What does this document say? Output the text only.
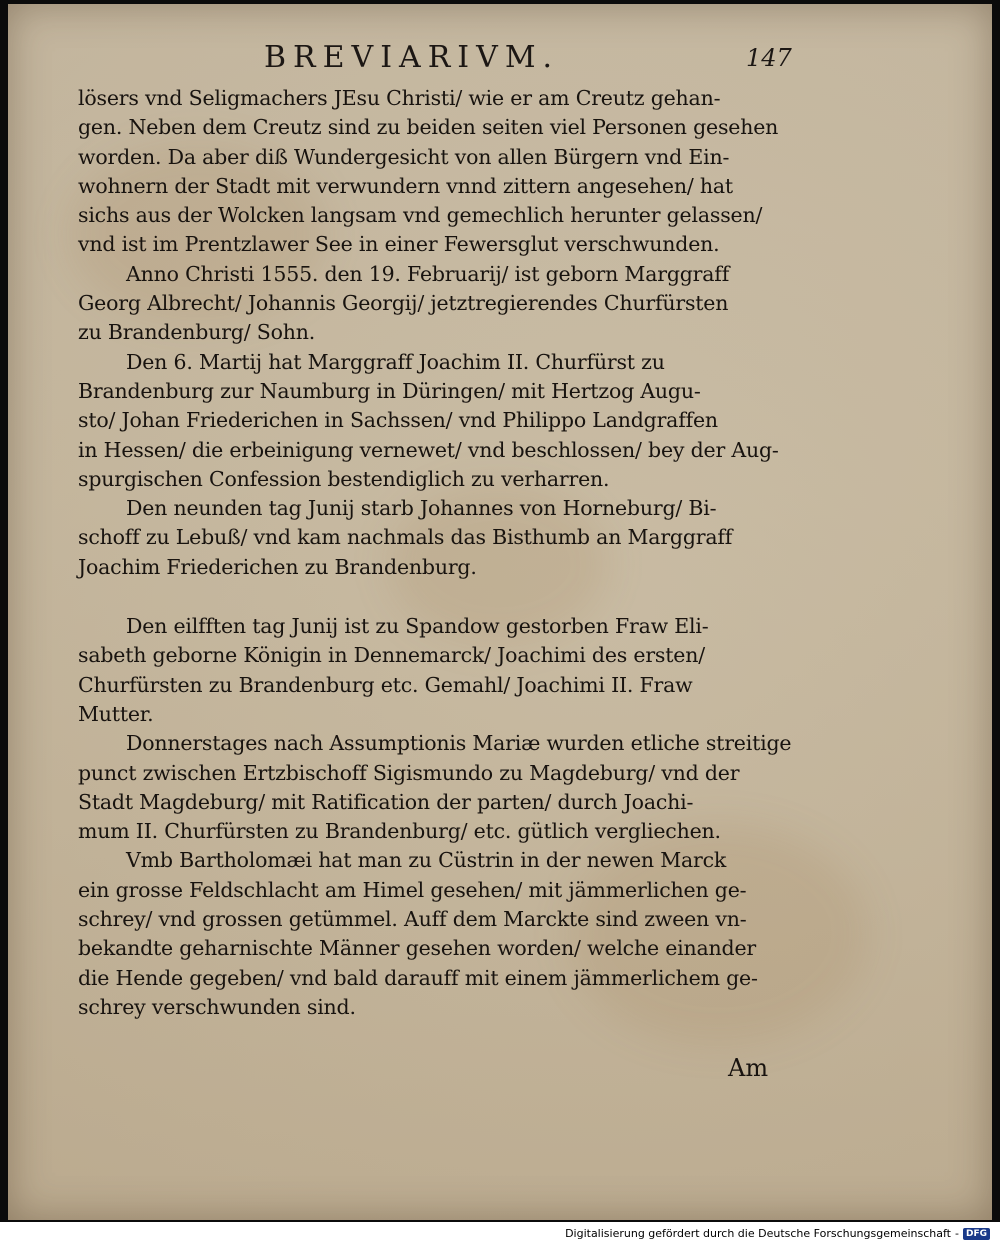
BREVIARIVM.	147
lösers vnd Seligmachers JEsu Christi/ wie er am Creutz gehan-
gen. Neben dem Creutz sind zu beiden seiten viel Personen gesehen
worden. Da aber diß Wundergesicht von allen Bürgern vnd Ein-
wohnern der Stadt mit verwundern vnnd zittern angesehen/ hat
sichs aus der Wolcken langsam vnd gemechlich herunter gelassen/
vnd ist im Prentzlawer See in einer Fewersglut verschwunden.
Anno Christi 1555. den 19. Februarij/ ist geborn Marggraff
Georg Albrecht/ Johannis Georgij/ jetztregierendes Churfürsten
zu Brandenburg/ Sohn.
Den 6. Martij hat Marggraff Joachim II. Churfürst zu
Brandenburg zur Naumburg in Düringen/ mit Hertzog Augu-
sto/ Johan Friederichen in Sachssen/ vnd Philippo Landgraffen
in Hessen/ die erbeinigung vernewet/ vnd beschlossen/ bey der Aug-
spurgischen Confession bestendiglich zu verharren.
Den neunden tag Junij starb Johannes von Horneburg/ Bi-
schoff zu Lebuß/ vnd kam nachmals das Bisthumb an Marggraff
Joachim Friederichen zu Brandenburg.
Den eilfften tag Junij ist zu Spandow gestorben Fraw Eli-
sabeth geborne Königin in Dennemarck/ Joachimi des ersten/
Churfürsten zu Brandenburg etc. Gemahl/ Joachimi II. Fraw
Mutter.
Donnerstages nach Assumptionis Mariæ wurden etliche streitige
punct zwischen Ertzbischoff Sigismundo zu Magdeburg/ vnd der
Stadt Magdeburg/ mit Ratification der parten/ durch Joachi-
mum II. Churfürsten zu Brandenburg/ etc. gütlich vergliechen.
Vmb Bartholomæi hat man zu Cüstrin in der newen Marck
ein grosse Feldschlacht am Himel gesehen/ mit jämmerlichen ge-
schrey/ vnd grossen getümmel. Auff dem Marckte sind zween vn-
bekandte geharnischte Männer gesehen worden/ welche einander
die Hende gegeben/ vnd bald darauff mit einem jämmerlichem ge-
schrey verschwunden sind.
Am
Digitalisierung gefördert durch die Deutsche Forschungsgemeinschaft - DFG
